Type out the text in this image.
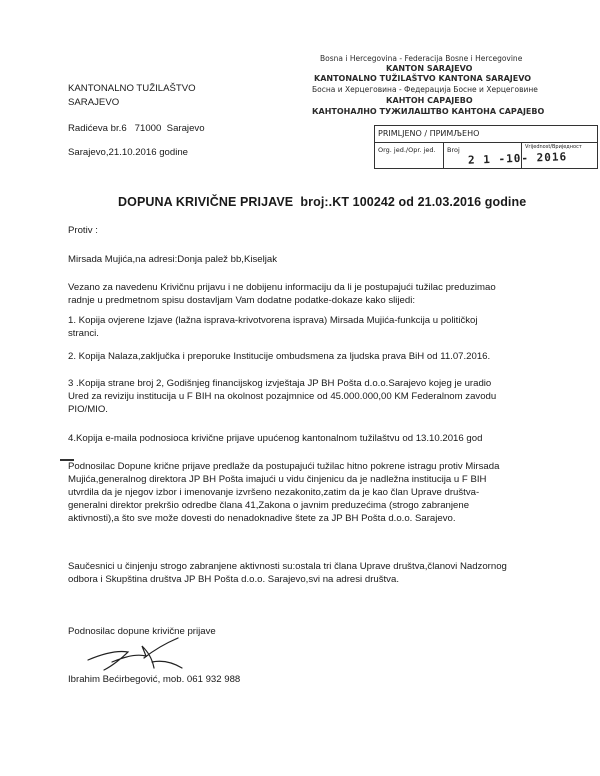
KANTONALNO TUŽILAŠTVO
SARAJEVO
Radićeva br.6   71000  Sarajevo
Sarajevo,21.10.2016 godine
Bosna i Hercegovina - Federacija Bosne i Hercegovine
KANTON SARAJEVO
KANTONALNO TUŽILAŠTVO KANTONA SARAJEVO
Босна и Херцеговина - Федерација Босне и Херцеговине
КАНТОН САРАЈЕВО
КАНТОНАЛНО ТУЖИЛАШТВО КАНТОНА САРАЈЕВО
PRIMLJENO / ПРИМЉЕНО
Org. jed./Opr. jed. Broj	Vrijednost/Вриједност
2 1 -10- 2016
DOPUNA KRIVIČNE PRIJAVE  broj:.KT 100242 od 21.03.2016 godine
Protiv :
Mirsada Mujića,na adresi:Donja palež bb,Kiseljak
Vezano za navedenu Krivičnu prijavu i ne dobijenu informaciju da li je postupajući tužilac preduzimao radnje u predmetnom spisu dostavljam Vam dodatne podatke-dokaze kako slijedi:
1. Kopija ovjerene Izjave (lažna isprava-krivotvorena isprava) Mirsada Mujića-funkcija u političkoj stranci.
2. Kopija Nalaza,zaključka i preporuke Institucije ombudsmena za ljudska prava BiH od 11.07.2016.
3 .Kopija strane broj 2, Godišnjeg financijskog izvještaja JP BH Pošta d.o.o.Sarajevo kojeg je uradio Ured za reviziju institucija u F BIH na okolnost pozajmnice od 45.000.000,00 KM Federalnom zavodu PIO/MIO.
4.Kopija e-maila podnosioca krivične prijave upućenog kantonalnom tužilaštvu od 13.10.2016 god
Podnosilac Dopune krične prijave predlaže da postupajući tužilac hitno pokrene istragu protiv Mirsada Mujića,generalnog direktora JP BH Pošta imajući u vidu činjenicu da je nadležna institucija u F BIH utvrdila da je njegov izbor i imenovanje izvršeno nezakonito,zatim da je kao član Uprave društva-generalni direktor prekršio odredbe člana 41,Zakona o javnim preduzećima (strogo zabranjene aktivnosti),a što sve može dovesti do nenadoknadive štete za JP BH Pošta d.o.o. Sarajevo.
Saučesnici u činjenju strogo zabranjene aktivnosti su:ostala tri člana Uprave društva,članovi Nadzornog odbora i Skupština društva JP BH Pošta d.o.o. Sarajevo,svi na adresi društva.
Podnosilac dopune krivične prijave
Ibrahim Bećirbegović, mob. 061 932 988
